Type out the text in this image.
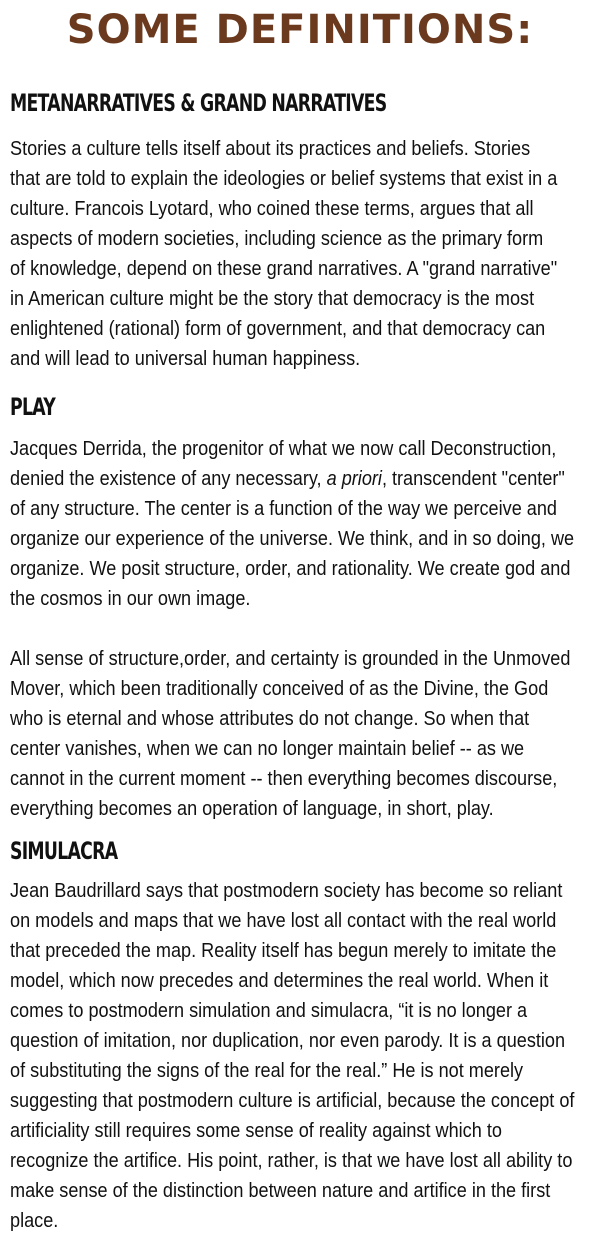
SOME DEFINITIONS:
METANARRATIVES & GRAND NARRATIVES

Stories a culture tells itself about its practices and beliefs. Stories that are told to explain the ideologies or belief systems that exist in a culture. Francois Lyotard, who coined these terms, argues that all aspects of modern societies, including science as the primary form of knowledge, depend on these grand narratives. A "grand narrative" in American culture might be the story that democracy is the most enlightened (rational) form of government, and that democracy can and will lead to universal human happiness.

PLAY

Jacques Derrida, the progenitor of what we now call Deconstruction, denied the existence of any necessary, a priori, transcendent "center" of any structure. The center is a function of the way we perceive and organize our experience of the universe. We think, and in so doing, we organize. We posit structure, order, and rationality. We create god and the cosmos in our own image.

All sense of structure,order, and certainty is grounded in the Unmoved Mover, which been traditionally conceived of as the Divine, the God who is eternal and whose attributes do not change. So when that center vanishes, when we can no longer maintain belief -- as we cannot in the current moment -- then everything becomes discourse, everything becomes an operation of language, in short, play.

SIMULACRA

Jean Baudrillard says that postmodern society has become so reliant on models and maps that we have lost all contact with the real world that preceded the map. Reality itself has begun merely to imitate the model, which now precedes and determines the real world. When it comes to postmodern simulation and simulacra, “it is no longer a question of imitation, nor duplication, nor even parody. It is a question of substituting the signs of the real for the real.” He is not merely suggesting that postmodern culture is artificial, because the concept of artificiality still requires some sense of reality against which to recognize the artifice. His point, rather, is that we have lost all ability to make sense of the distinction between nature and artifice in the first place.
